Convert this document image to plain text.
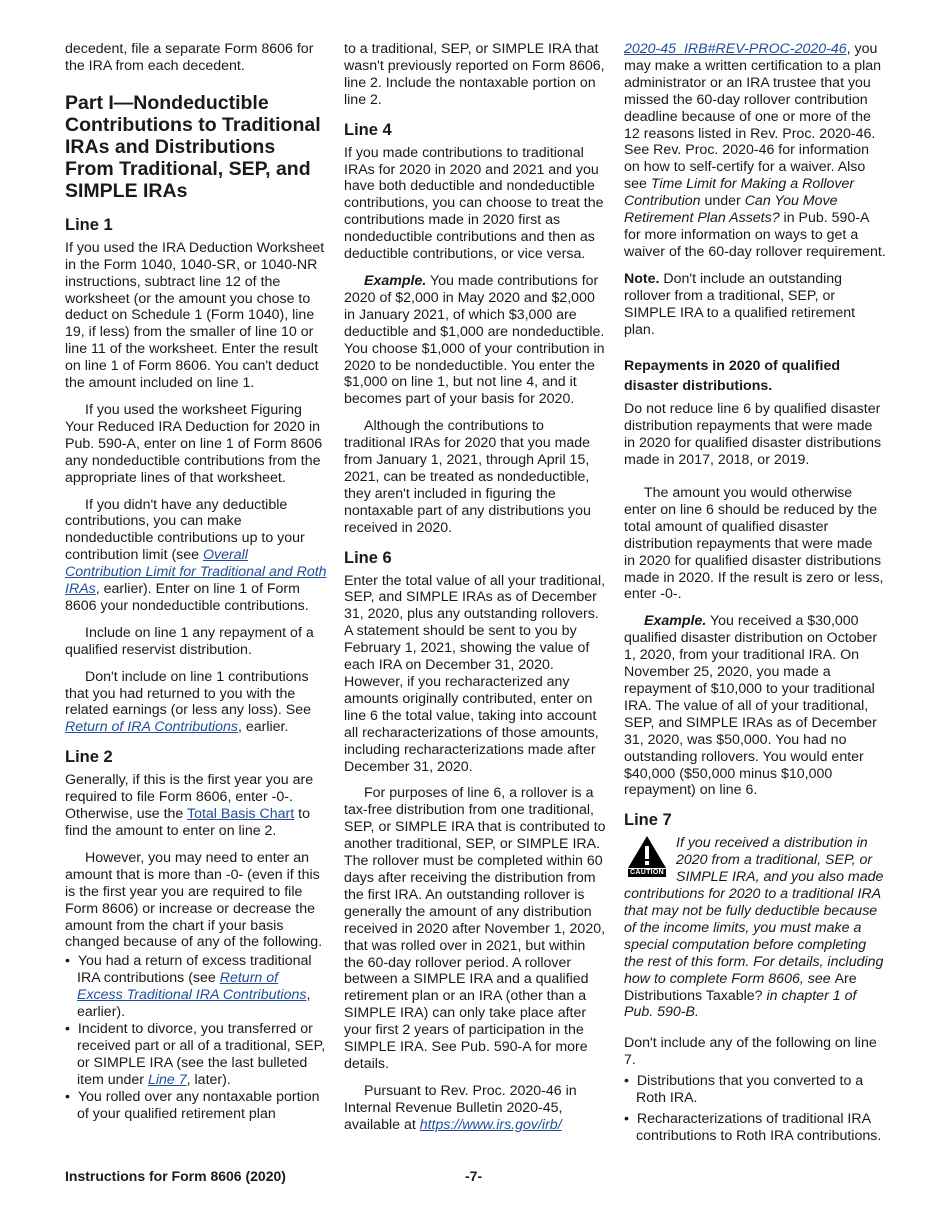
decedent, file a separate Form 8606 for the IRA from each decedent.

Part I—Nondeductible Contributions to Traditional IRAs and Distributions From Traditional, SEP, and SIMPLE IRAs
Line 1

If you used the IRA Deduction Worksheet in the Form 1040, 1040-SR, or 1040-NR instructions, subtract line 12 of the worksheet (or the amount you chose to deduct on Schedule 1 (Form 1040), line 19, if less) from the smaller of line 10 or line 11 of the worksheet. Enter the result on line 1 of Form 8606. You can't deduct the amount included on line 1.

If you used the worksheet Figuring Your Reduced IRA Deduction for 2020 in Pub. 590-A, enter on line 1 of Form 8606 any nondeductible contributions from the appropriate lines of that worksheet.

If you didn't have any deductible contributions, you can make nondeductible contributions up to your contribution limit (see Overall Contribution Limit for Traditional and Roth IRAs, earlier). Enter on line 1 of Form 8606 your nondeductible contributions.

Include on line 1 any repayment of a qualified reservist distribution.

Don't include on line 1 contributions that you had returned to you with the related earnings (or less any loss). See Return of IRA Contributions, earlier.

Line 2

Generally, if this is the first year you are required to file Form 8606, enter -0-. Otherwise, use the Total Basis Chart to find the amount to enter on line 2.

However, you may need to enter an amount that is more than -0- (even if this is the first year you are required to file Form 8606) or increase or decrease the amount from the chart if your basis changed because of any of the following.

•  You had a return of excess traditional IRA contributions (see Return of Excess Traditional IRA Contributions, earlier).

•  Incident to divorce, you transferred or received part or all of a traditional, SEP, or SIMPLE IRA (see the last bulleted item under Line 7, later).

•  You rolled over any nontaxable portion of your qualified retirement plan

to a traditional, SEP, or SIMPLE IRA that wasn't previously reported on Form 8606, line 2. Include the nontaxable portion on line 2.

Line 4

If you made contributions to traditional IRAs for 2020 in 2020 and 2021 and you have both deductible and nondeductible contributions, you can choose to treat the contributions made in 2020 first as nondeductible contributions and then as deductible contributions, or vice versa.

Example. You made contributions for 2020 of $2,000 in May 2020 and $2,000 in January 2021, of which $3,000 are deductible and $1,000 are nondeductible. You choose $1,000 of your contribution in 2020 to be nondeductible. You enter the $1,000 on line 1, but not line 4, and it becomes part of your basis for 2020.

Although the contributions to traditional IRAs for 2020 that you made from January 1, 2021, through April 15, 2021, can be treated as nondeductible, they aren't included in figuring the nontaxable part of any distributions you received in 2020.

Line 6

Enter the total value of all your traditional, SEP, and SIMPLE IRAs as of December 31, 2020, plus any outstanding rollovers. A statement should be sent to you by February 1, 2021, showing the value of each IRA on December 31, 2020. However, if you recharacterized any amounts originally contributed, enter on line 6 the total value, taking into account all recharacterizations of those amounts, including recharacterizations made after December 31, 2020.

For purposes of line 6, a rollover is a tax-free distribution from one traditional, SEP, or SIMPLE IRA that is contributed to another traditional, SEP, or SIMPLE IRA. The rollover must be completed within 60 days after receiving the distribution from the first IRA. An outstanding rollover is generally the amount of any distribution received in 2020 after November 1, 2020, that was rolled over in 2021, but within the 60-day rollover period. A rollover between a SIMPLE IRA and a qualified retirement plan or an IRA (other than a SIMPLE IRA) can only take place after your first 2 years of participation in the SIMPLE IRA. See Pub. 590-A for more details.

Pursuant to Rev. Proc. 2020-46 in Internal Revenue Bulletin 2020-45, available at https://www.irs.gov/irb/

2020-45_IRB#REV-PROC-2020-46, you may make a written certification to a plan administrator or an IRA trustee that you missed the 60-day rollover contribution deadline because of one or more of the 12 reasons listed in Rev. Proc. 2020-46. See Rev. Proc. 2020-46 for information on how to self-certify for a waiver. Also see Time Limit for Making a Rollover Contribution under Can You Move Retirement Plan Assets? in Pub. 590-A for more information on ways to get a waiver of the 60-day rollover requirement.

Note. Don't include an outstanding rollover from a traditional, SEP, or SIMPLE IRA to a qualified retirement plan.

Repayments in 2020 of qualified disaster distributions.

Do not reduce line 6 by qualified disaster distribution repayments that were made in 2020 for qualified disaster distributions made in 2017, 2018, or 2019.

The amount you would otherwise enter on line 6 should be reduced by the total amount of qualified disaster distribution repayments that were made in 2020 for qualified disaster distributions made in 2020. If the result is zero or less, enter -0-.

Example. You received a $30,000 qualified disaster distribution on October 1, 2020, from your traditional IRA. On November 25, 2020, you made a repayment of $10,000 to your traditional IRA. The value of all of your traditional, SEP, and SIMPLE IRAs as of December 31, 2020, was $50,000. You had no outstanding rollovers. You would enter $40,000 ($50,000 minus $10,000 repayment) on line 6.

Line 7

CAUTION
If you received a distribution in 2020 from a traditional, SEP, or SIMPLE IRA, and you also made contributions for 2020 to a traditional IRA that may not be fully deductible because of the income limits, you must make a special computation before completing the rest of this form. For details, including how to complete Form 8606, see Are Distributions Taxable? in chapter 1 of Pub. 590-B.

Don't include any of the following on line 7.

•  Distributions that you converted to a Roth IRA.

•  Recharacterizations of traditional IRA contributions to Roth IRA contributions.

Instructions for Form 8606 (2020)	-7-
